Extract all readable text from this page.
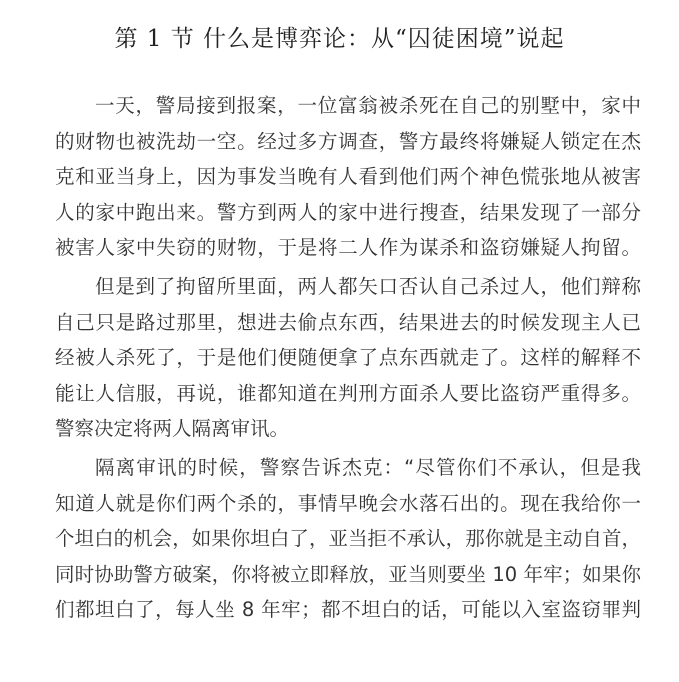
第 1 节 什么是博弈论：从“囚徒困境”说起
一天，警局接到报案，一位富翁被杀死在自己的别墅中，家中
的财物也被洗劫一空。经过多方调查，警方最终将嫌疑人锁定在杰
克和亚当身上，因为事发当晚有人看到他们两个神色慌张地从被害
人的家中跑出来。警方到两人的家中进行搜查，结果发现了一部分
被害人家中失窃的财物，于是将二人作为谋杀和盗窃嫌疑人拘留。
但是到了拘留所里面，两人都矢口否认自己杀过人，他们辩称
自己只是路过那里，想进去偷点东西，结果进去的时候发现主人已
经被人杀死了，于是他们便随便拿了点东西就走了。这样的解释不
能让人信服，再说，谁都知道在判刑方面杀人要比盗窃严重得多。
警察决定将两人隔离审讯。
隔离审讯的时候，警察告诉杰克：“尽管你们不承认，但是我
知道人就是你们两个杀的，事情早晚会水落石出的。现在我给你一
个坦白的机会，如果你坦白了，亚当拒不承认，那你就是主动自首，
同时协助警方破案，你将被立即释放，亚当则要坐 10 年牢；如果你
们都坦白了，每人坐 8 年牢；都不坦白的话，可能以入室盗窃罪判
